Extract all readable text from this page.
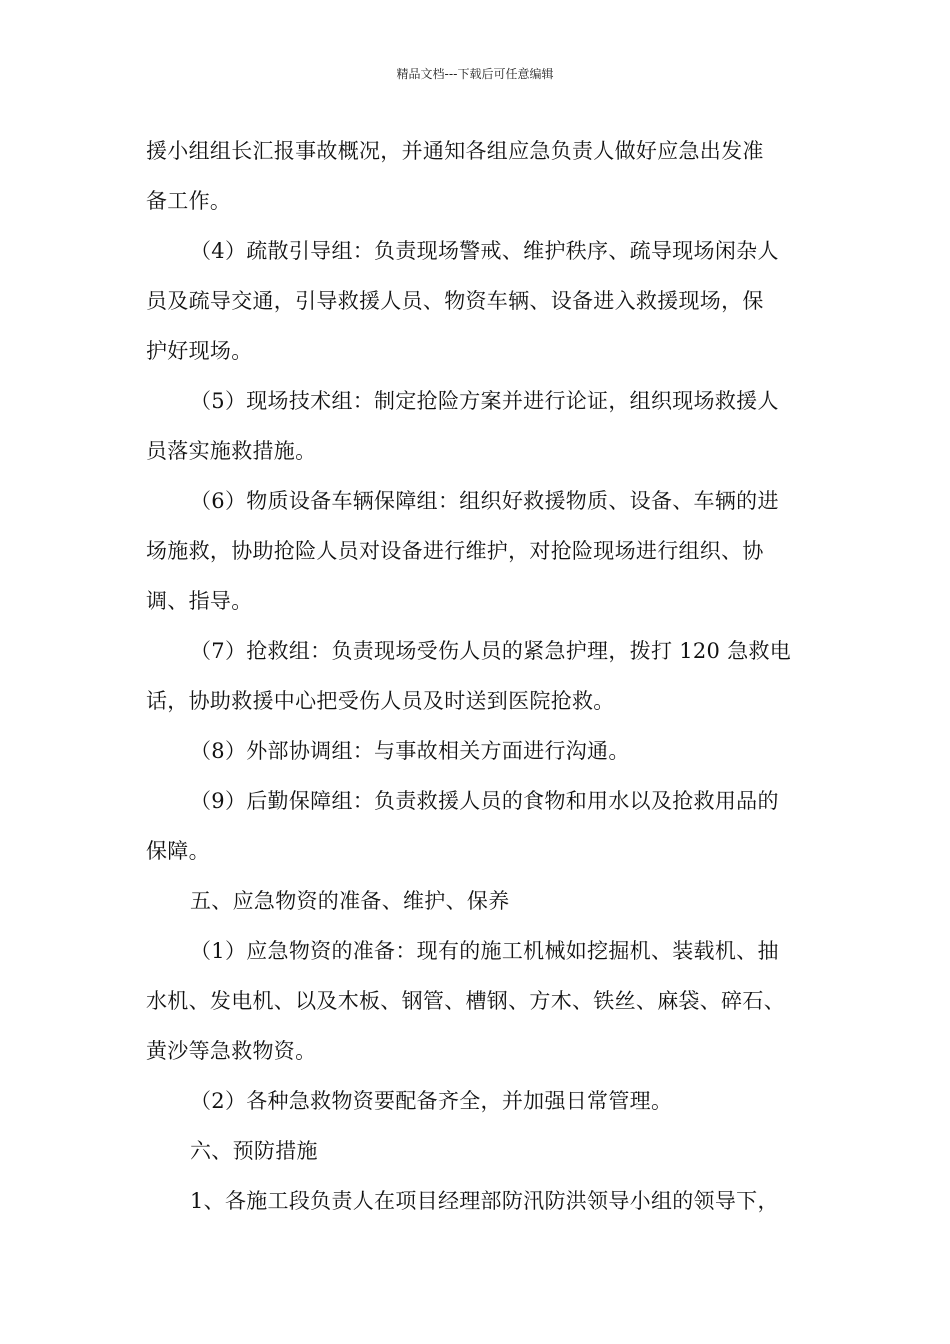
精品文档---下载后可任意编辑

援小组组长汇报事故概况，并通知各组应急负责人做好应急出发准

备工作。

（4）疏散引导组：负责现场警戒、维护秩序、疏导现场闲杂人

员及疏导交通，引导救援人员、物资车辆、设备进入救援现场，保

护好现场。

（5）现场技术组：制定抢险方案并进行论证，组织现场救援人

员落实施救措施。

（6）物质设备车辆保障组：组织好救援物质、设备、车辆的进

场施救，协助抢险人员对设备进行维护，对抢险现场进行组织、协

调、指导。

（7）抢救组：负责现场受伤人员的紧急护理，拨打 120 急救电

话，协助救援中心把受伤人员及时送到医院抢救。

（8）外部协调组：与事故相关方面进行沟通。

（9）后勤保障组：负责救援人员的食物和用水以及抢救用品的

保障。

五、应急物资的准备、维护、保养

（1）应急物资的准备：现有的施工机械如挖掘机、装载机、抽

水机、发电机、以及木板、钢管、槽钢、方木、铁丝、麻袋、碎石、

黄沙等急救物资。

（2）各种急救物资要配备齐全，并加强日常管理。

六、预防措施

1、各施工段负责人在项目经理部防汛防洪领导小组的领导下，
